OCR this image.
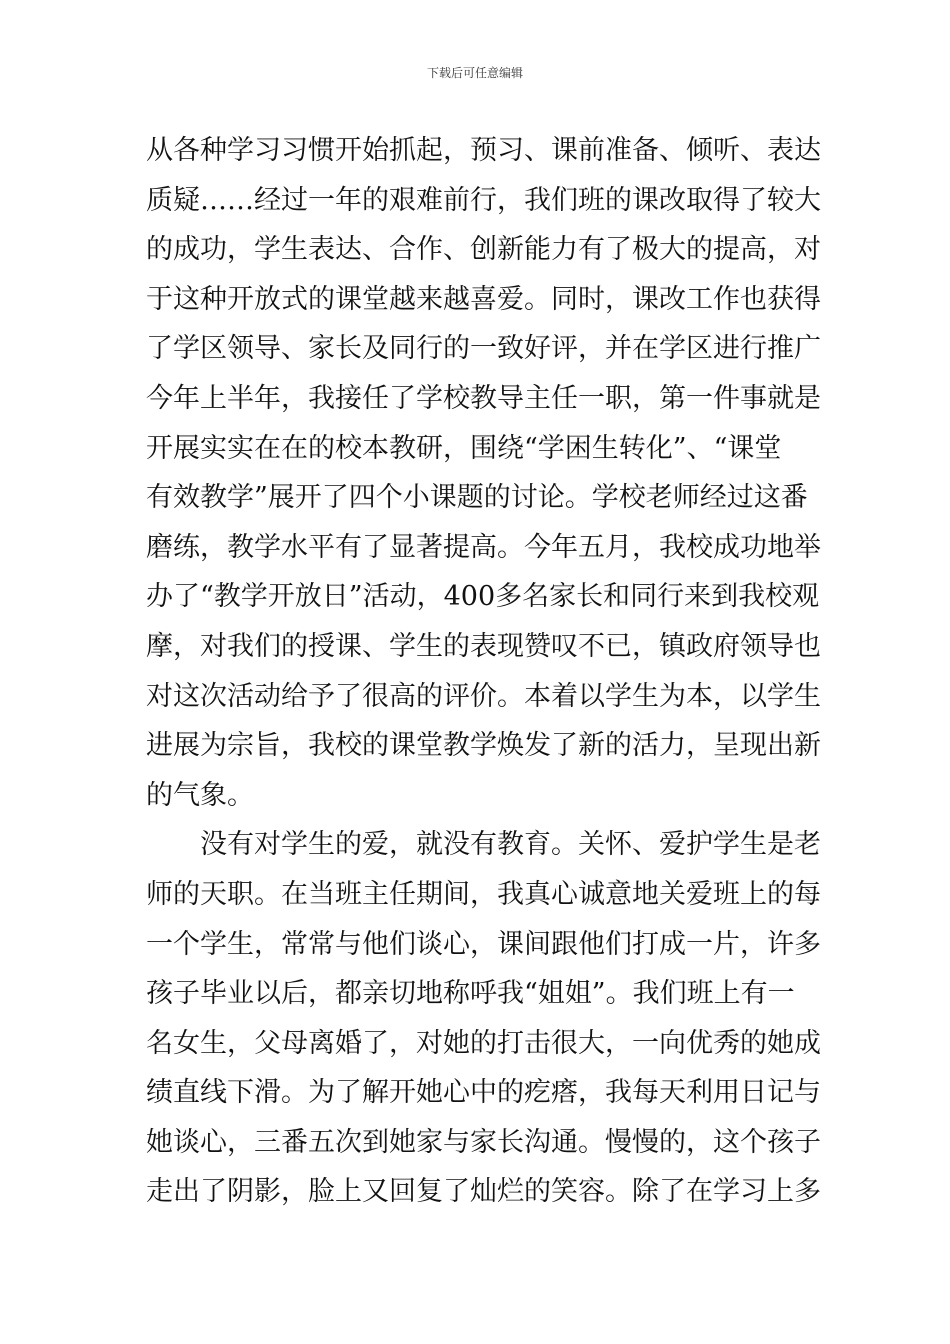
下载后可任意编辑
从各种学习习惯开始抓起，预习、课前准备、倾听、表达
质疑……经过一年的艰难前行，我们班的课改取得了较大
的成功，学生表达、合作、创新能力有了极大的提高，对
于这种开放式的课堂越来越喜爱。同时，课改工作也获得
了学区领导、家长及同行的一致好评，并在学区进行推广
今年上半年，我接任了学校教导主任一职，第一件事就是
开展实实在在的校本教研，围绕“学困生转化”、“课堂
有效教学”展开了四个小课题的讨论。学校老师经过这番
磨练，教学水平有了显著提高。今年五月，我校成功地举
办了“教学开放日”活动，400多名家长和同行来到我校观
摩，对我们的授课、学生的表现赞叹不已，镇政府领导也
对这次活动给予了很高的评价。本着以学生为本，以学生
进展为宗旨，我校的课堂教学焕发了新的活力，呈现出新
的气象。
　　没有对学生的爱，就没有教育。关怀、爱护学生是老
师的天职。在当班主任期间，我真心诚意地关爱班上的每
一个学生，常常与他们谈心，课间跟他们打成一片，许多
孩子毕业以后，都亲切地称呼我“姐姐”。我们班上有一
名女生，父母离婚了，对她的打击很大，一向优秀的她成
绩直线下滑。为了解开她心中的疙瘩，我每天利用日记与
她谈心，三番五次到她家与家长沟通。慢慢的，这个孩子
走出了阴影，脸上又回复了灿烂的笑容。除了在学习上多
